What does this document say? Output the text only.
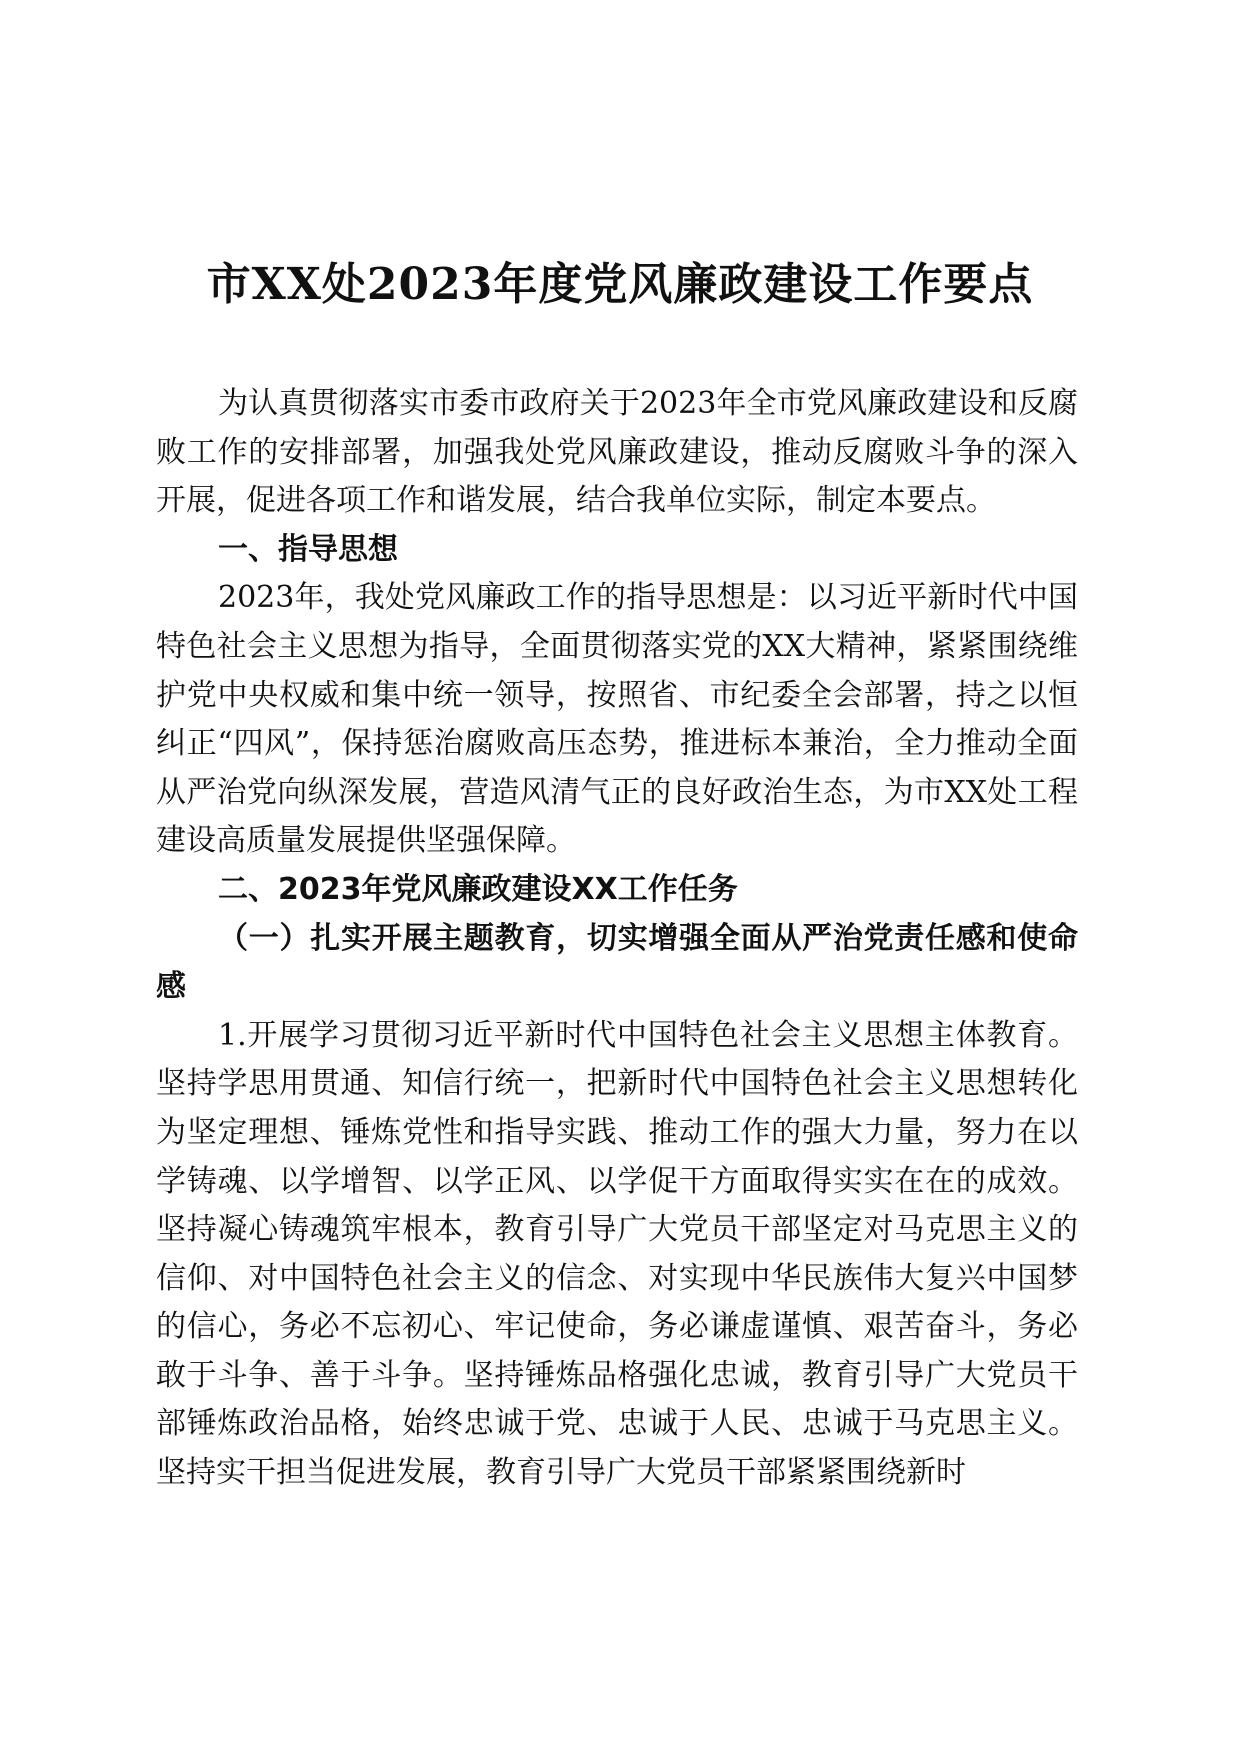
市XX处2023年度党风廉政建设工作要点

为认真贯彻落实市委市政府关于2023年全市党风廉政建设和反腐败工作的安排部署，加强我处党风廉政建设，推动反腐败斗争的深入开展，促进各项工作和谐发展，结合我单位实际，制定本要点。

一、指导思想

2023年，我处党风廉政工作的指导思想是：以习近平新时代中国特色社会主义思想为指导，全面贯彻落实党的XX大精神，紧紧围绕维护党中央权威和集中统一领导，按照省、市纪委全会部署，持之以恒纠正“四风”，保持惩治腐败高压态势，推进标本兼治，全力推动全面从严治党向纵深发展，营造风清气正的良好政治生态，为市XX处工程建设高质量发展提供坚强保障。

二、2023年党风廉政建设XX工作任务

（一）扎实开展主题教育，切实增强全面从严治党责任感和使命感

1.开展学习贯彻习近平新时代中国特色社会主义思想主体教育。坚持学思用贯通、知信行统一，把新时代中国特色社会主义思想转化为坚定理想、锤炼党性和指导实践、推动工作的强大力量，努力在以学铸魂、以学增智、以学正风、以学促干方面取得实实在在的成效。坚持凝心铸魂筑牢根本，教育引导广大党员干部坚定对马克思主义的信仰、对中国特色社会主义的信念、对实现中华民族伟大复兴中国梦的信心，务必不忘初心、牢记使命，务必谦虚谨慎、艰苦奋斗，务必敢于斗争、善于斗争。坚持锤炼品格强化忠诚，教育引导广大党员干部锤炼政治品格，始终忠诚于党、忠诚于人民、忠诚于马克思主义。坚持实干担当促进发展，教育引导广大党员干部紧紧围绕新时
